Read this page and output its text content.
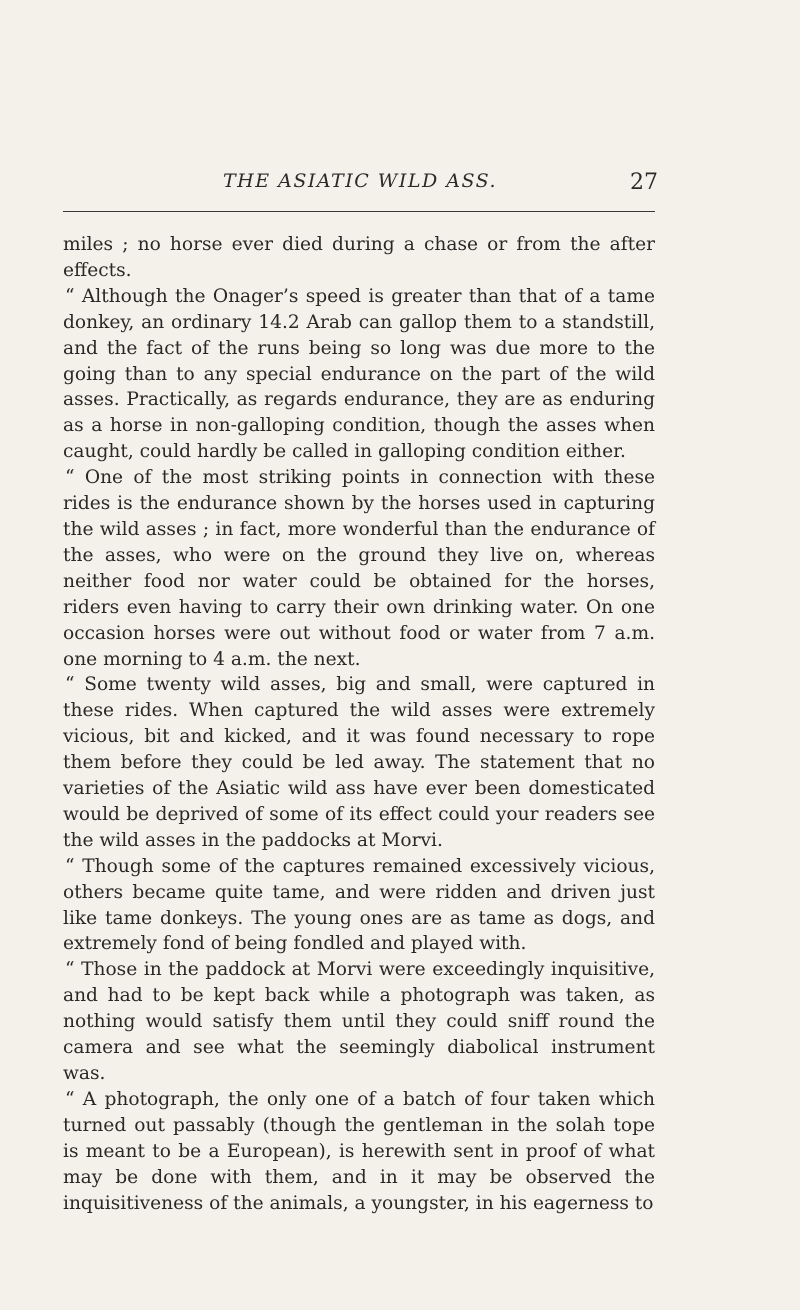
THE ASIATIC WILD ASS.	27

miles ; no horse ever died during a chase or from the after effects.

“ Although the Onager’s speed is greater than that of a tame donkey, an ordinary 14.2 Arab can gallop them to a standstill, and the fact of the runs being so long was due more to the going than to any special endurance on the part of the wild asses. Practically, as regards endurance, they are as enduring as a horse in non-galloping condition, though the asses when caught, could hardly be called in galloping condition either.

“ One of the most striking points in connection with these rides is the endurance shown by the horses used in capturing the wild asses ; in fact, more wonderful than the endurance of the asses, who were on the ground they live on, whereas neither food nor water could be obtained for the horses, riders even having to carry their own drinking water. On one occasion horses were out without food or water from 7 a.m. one morning to 4 a.m. the next.

“ Some twenty wild asses, big and small, were captured in these rides. When captured the wild asses were extremely vicious, bit and kicked, and it was found necessary to rope them before they could be led away. The statement that no varieties of the Asiatic wild ass have ever been domesticated would be deprived of some of its effect could your readers see the wild asses in the paddocks at Morvi.

“ Though some of the captures remained excessively vicious, others became quite tame, and were ridden and driven just like tame donkeys. The young ones are as tame as dogs, and extremely fond of being fondled and played with.

“ Those in the paddock at Morvi were exceedingly inquisitive, and had to be kept back while a photograph was taken, as nothing would satisfy them until they could sniff round the camera and see what the seemingly diabolical instrument was.

“ A photograph, the only one of a batch of four taken which turned out passably (though the gentleman in the solah tope is meant to be a European), is herewith sent in proof of what may be done with them, and in it may be observed the inquisitiveness of the animals, a youngster, in his eagerness to
